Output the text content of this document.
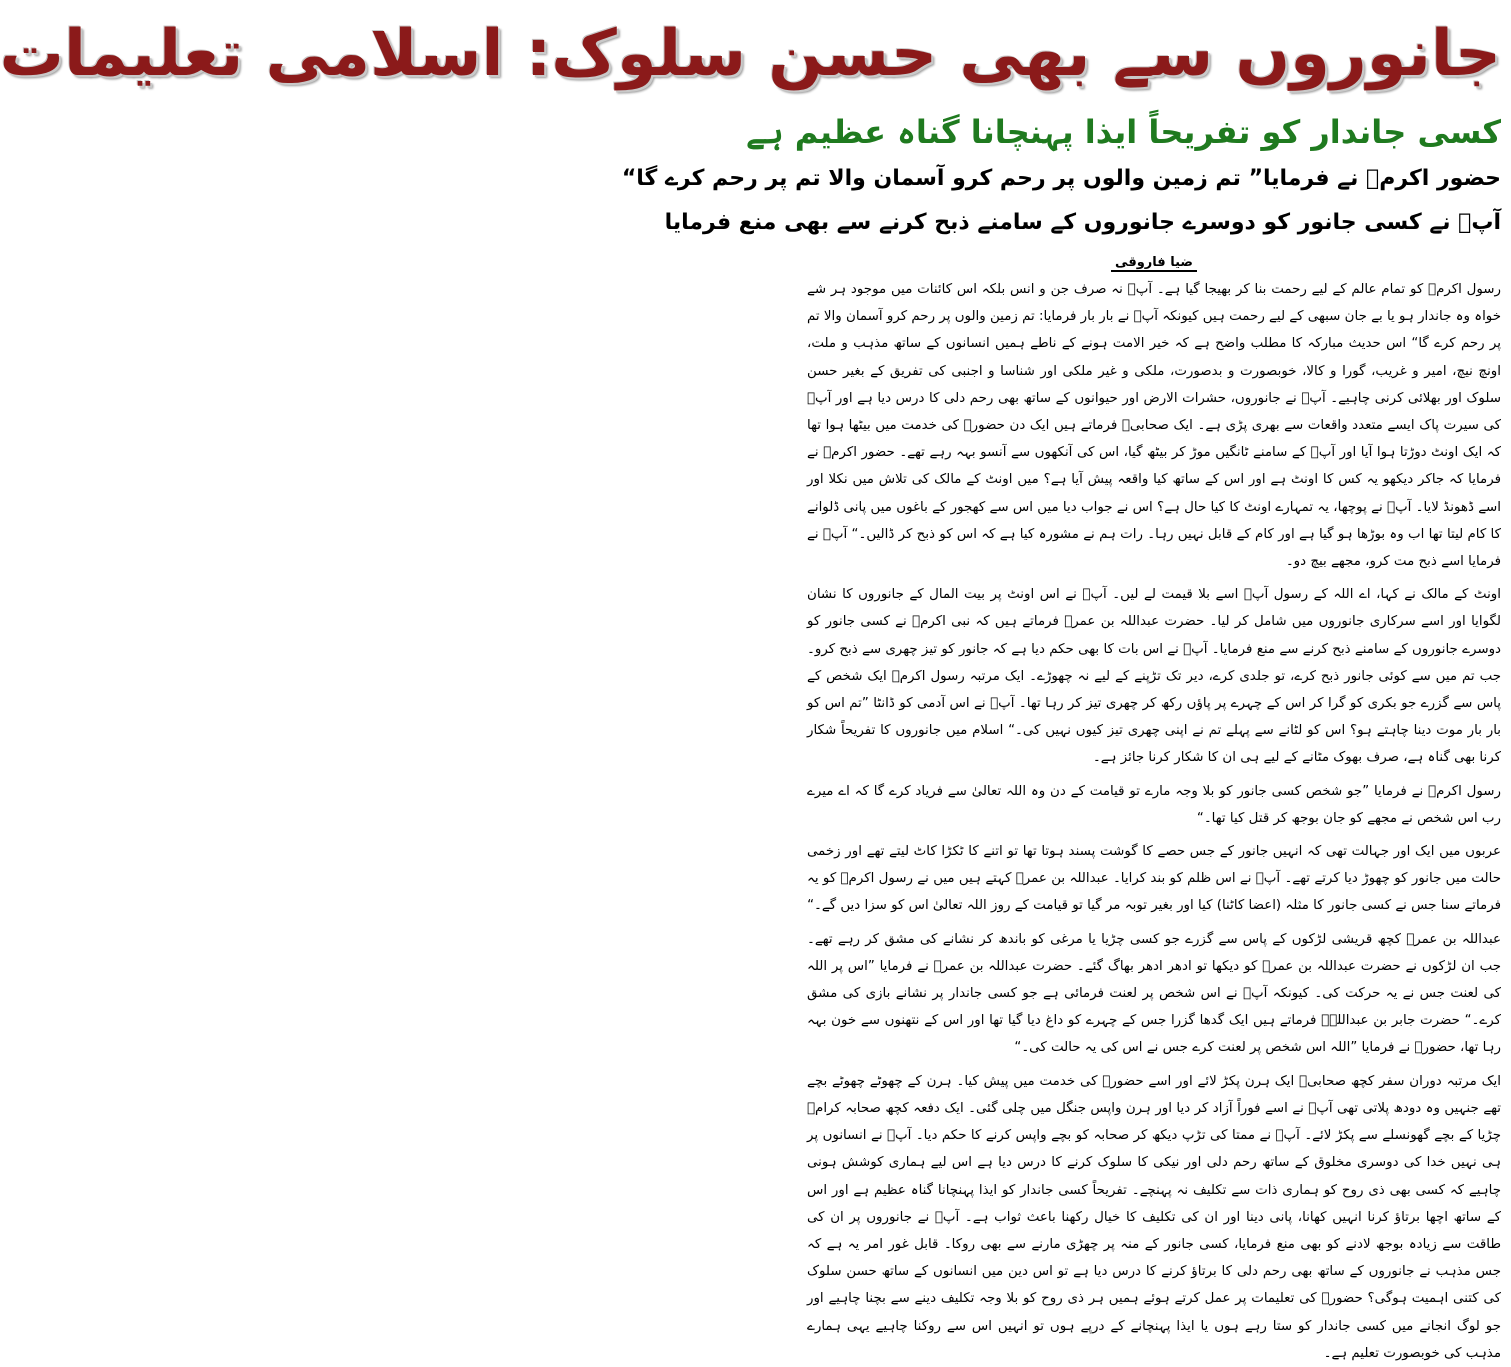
جانوروں سے بھی حسن سلوک: اسلامی تعلیمات
کسی جاندار کو تفریحاً ایذا پہنچانا گناہ عظیم ہے
حضور اکرمؐ نے فرمایا” تم زمین والوں پر رحم کرو آسمان والا تم پر رحم کرے گا“
آپؐ نے کسی جانور کو دوسرے جانوروں کے سامنے ذبح کرنے سے بھی منع فرمایا
ضیا فاروقی

رسول اکرمؐ کو تمام عالم کے لیے رحمت بنا کر بھیجا گیا ہے۔ آپؐ نہ صرف جن و انس بلکہ اس کائنات میں موجود ہر شے خواہ وہ جاندار ہو یا بے جان سبھی کے لیے رحمت ہیں کیونکہ آپؐ نے بار بار فرمایا: تم زمین والوں پر رحم کرو آسمان والا تم پر رحم کرے گا“ اس حدیث مبارکہ کا مطلب واضح ہے کہ خیر الامت ہونے کے ناطے ہمیں انسانوں کے ساتھ مذہب و ملت، اونچ نیچ، امیر و غریب، گورا و کالا، خوبصورت و بدصورت، ملکی و غیر ملکی اور شناسا و اجنبی کی تفریق کے بغیر حسن سلوک اور بھلائی کرنی چاہیے۔ آپؐ نے جانوروں، حشرات الارض اور حیوانوں کے ساتھ بھی رحم دلی کا درس دیا ہے اور آپؐ کی سیرت پاک ایسے متعدد واقعات سے بھری پڑی ہے۔ ایک صحابیؓ فرماتے ہیں ایک دن حضورؐ کی خدمت میں بیٹھا ہوا تھا کہ ایک اونٹ دوڑتا ہوا آیا اور آپؐ کے سامنے ٹانگیں موڑ کر بیٹھ گیا، اس کی آنکھوں سے آنسو بہہ رہے تھے۔ حضور اکرمؐ نے فرمایا کہ جاکر دیکھو یہ کس کا اونٹ ہے اور اس کے ساتھ کیا واقعہ پیش آیا ہے؟ میں اونٹ کے مالک کی تلاش میں نکلا اور اسے ڈھونڈ لایا۔ آپؐ نے پوچھا، یہ تمہارے اونٹ کا کیا حال ہے؟ اس نے جواب دیا میں اس سے کھجور کے باغوں میں پانی ڈلوانے کا کام لیتا تھا اب وہ بوڑھا ہو گیا ہے اور کام کے قابل نہیں رہا۔ رات ہم نے مشورہ کیا ہے کہ اس کو ذبح کر ڈالیں۔“ آپؐ نے فرمایا اسے ذبح مت کرو، مجھے بیچ دو۔

اونٹ کے مالک نے کہا، اے اللہ کے رسول آپؐ اسے بلا قیمت لے لیں۔ آپؐ نے اس اونٹ پر بیت المال کے جانوروں کا نشان لگوایا اور اسے سرکاری جانوروں میں شامل کر لیا۔ حضرت عبداللہ بن عمرؓ فرماتے ہیں کہ نبی اکرمؐ نے کسی جانور کو دوسرے جانوروں کے سامنے ذبح کرنے سے منع فرمایا۔ آپؐ نے اس بات کا بھی حکم دیا ہے کہ جانور کو تیز چھری سے ذبح کرو۔ جب تم میں سے کوئی جانور ذبح کرے، تو جلدی کرے، دیر تک تڑپنے کے لیے نہ چھوڑے۔ ایک مرتبہ رسول اکرمؐ ایک شخص کے پاس سے گزرے جو بکری کو گرا کر اس کے چہرے پر پاؤں رکھ کر چھری تیز کر رہا تھا۔ آپؐ نے اس آدمی کو ڈانٹا ”تم اس کو بار بار موت دینا چاہتے ہو؟ اس کو لٹانے سے پہلے تم نے اپنی چھری تیز کیوں نہیں کی۔“ اسلام میں جانوروں کا تفریحاً شکار کرنا بھی گناہ ہے، صرف بھوک مٹانے کے لیے ہی ان کا شکار کرنا جائز ہے۔

رسول اکرمؐ نے فرمایا ”جو شخص کسی جانور کو بلا وجہ مارے تو قیامت کے دن وہ اللہ تعالیٰ سے فریاد کرے گا کہ اے میرے رب اس شخص نے مجھے کو جان بوجھ کر قتل کیا تھا۔“

عربوں میں ایک اور جہالت تھی کہ انہیں جانور کے جس حصے کا گوشت پسند ہوتا تھا تو اتنے کا ٹکڑا کاٹ لیتے تھے اور زخمی حالت میں جانور کو چھوڑ دیا کرتے تھے۔ آپؐ نے اس ظلم کو بند کرایا۔ عبداللہ بن عمرؓ کہتے ہیں میں نے رسول اکرمؐ کو یہ فرماتے سنا جس نے کسی جانور کا مثلہ (اعضا کاٹنا) کیا اور بغیر توبہ مر گیا تو قیامت کے روز اللہ تعالیٰ اس کو سزا دیں گے۔“

عبداللہ بن عمرؓ کچھ قریشی لڑکوں کے پاس سے گزرے جو کسی چڑیا یا مرغی کو باندھ کر نشانے کی مشق کر رہے تھے۔ جب ان لڑکوں نے حضرت عبداللہ بن عمرؓ کو دیکھا تو ادھر ادھر بھاگ گئے۔ حضرت عبداللہ بن عمرؓ نے فرمایا ”اس پر اللہ کی لعنت جس نے یہ حرکت کی۔ کیونکہ آپؐ نے اس شخص پر لعنت فرمائی ہے جو کسی جاندار پر نشانے بازی کی مشق کرے۔“ حضرت جابر بن عبداللہؓ فرماتے ہیں ایک گدھا گزرا جس کے چہرے کو داغ دیا گیا تھا اور اس کے نتھنوں سے خون بہہ رہا تھا، حضورؐ نے فرمایا ”اللہ اس شخص پر لعنت کرے جس نے اس کی یہ حالت کی۔“

ایک مرتبہ دوران سفر کچھ صحابیؓ ایک ہرن پکڑ لائے اور اسے حضورؐ کی خدمت میں پیش کیا۔ ہرن کے چھوٹے چھوٹے بچے تھے جنہیں وہ دودھ پلاتی تھی آپؐ نے اسے فوراً آزاد کر دیا اور ہرن واپس جنگل میں چلی گئی۔ ایک دفعہ کچھ صحابہ کرامؓ چڑیا کے بچے گھونسلے سے پکڑ لائے۔ آپؐ نے ممتا کی تڑپ دیکھ کر صحابہ کو بچے واپس کرنے کا حکم دیا۔ آپؐ نے انسانوں پر ہی نہیں خدا کی دوسری مخلوق کے ساتھ رحم دلی اور نیکی کا سلوک کرنے کا درس دیا ہے اس لیے ہماری کوشش ہونی چاہیے کہ کسی بھی ذی روح کو ہماری ذات سے تکلیف نہ پہنچے۔ تفریحاً کسی جاندار کو ایذا پہنچانا گناہ عظیم ہے اور اس کے ساتھ اچھا برتاؤ کرنا انہیں کھانا، پانی دینا اور ان کی تکلیف کا خیال رکھنا باعث ثواب ہے۔ آپؐ نے جانوروں پر ان کی طاقت سے زیادہ بوجھ لادنے کو بھی منع فرمایا، کسی جانور کے منہ پر چھڑی مارنے سے بھی روکا۔ قابل غور امر یہ ہے کہ جس مذہب نے جانوروں کے ساتھ بھی رحم دلی کا برتاؤ کرنے کا درس دیا ہے تو اس دین میں انسانوں کے ساتھ حسن سلوک کی کتنی اہمیت ہوگی؟ حضورؐ کی تعلیمات پر عمل کرتے ہوئے ہمیں ہر ذی روح کو بلا وجہ تکلیف دینے سے بچنا چاہیے اور جو لوگ انجانے میں کسی جاندار کو ستا رہے ہوں یا ایذا پہنچانے کے درپے ہوں تو انہیں اس سے روکنا چاہیے یہی ہمارے مذہب کی خوبصورت تعلیم ہے۔
